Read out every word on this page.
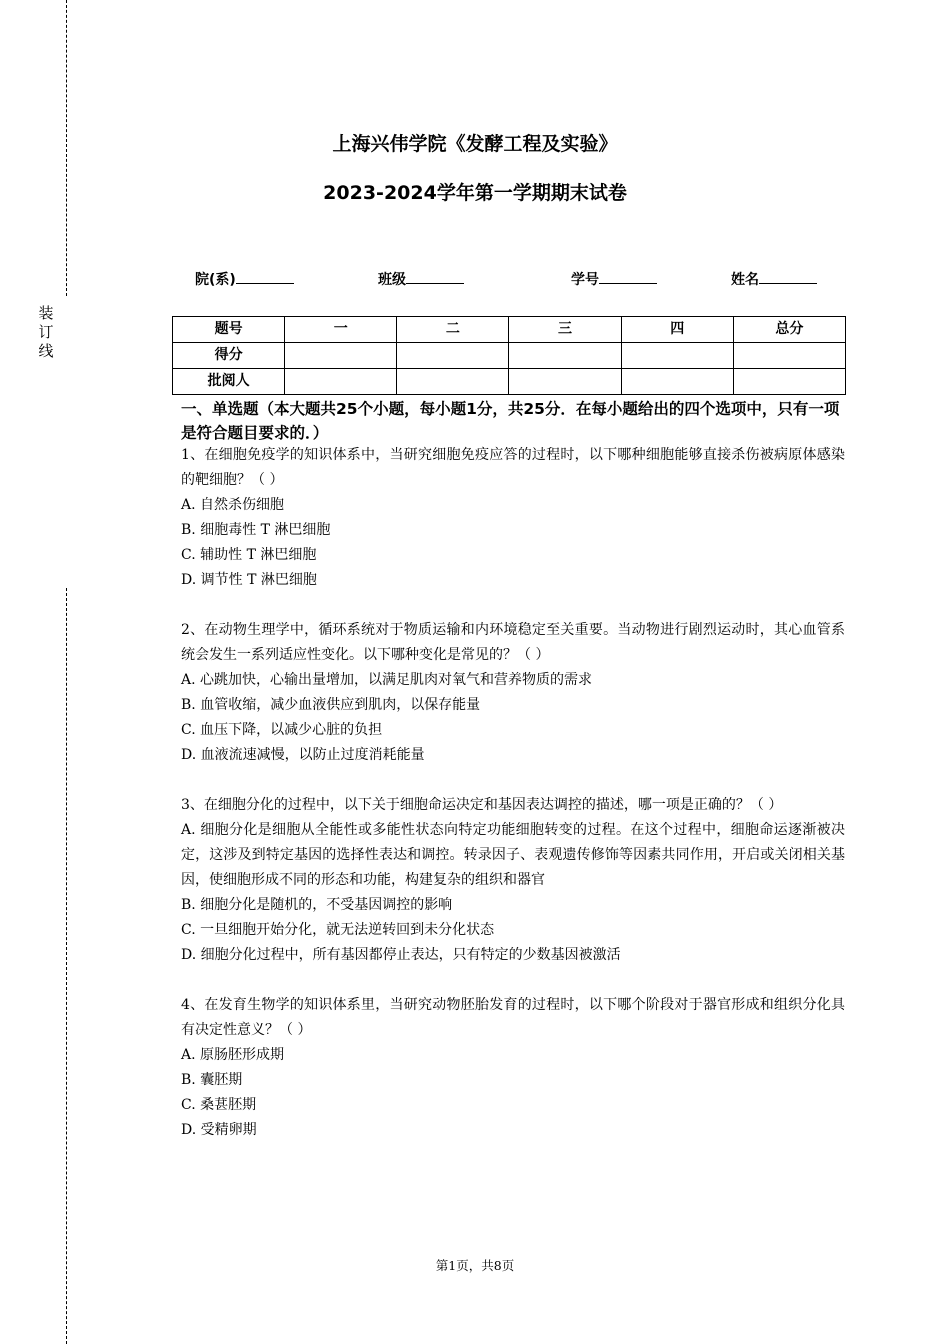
装
订
线
上海兴伟学院《发酵工程及实验》
2023-2024学年第一学期期末试卷
院(系)	班级	学号	姓名
题号	一	二	三	四	总分
得分					
批阅人					
一、单选题（本大题共25个小题，每小题1分，共25分．在每小题给出的四个选项中，只有一项是符合题目要求的．）
1、在细胞免疫学的知识体系中，当研究细胞免疫应答的过程时，以下哪种细胞能够直接杀伤被病原体感染的靶细胞？（ ）
A. 自然杀伤细胞
B. 细胞毒性 T 淋巴细胞
C. 辅助性 T 淋巴细胞
D. 调节性 T 淋巴细胞
2、在动物生理学中，循环系统对于物质运输和内环境稳定至关重要。当动物进行剧烈运动时，其心血管系统会发生一系列适应性变化。以下哪种变化是常见的？（ ）
A. 心跳加快，心输出量增加，以满足肌肉对氧气和营养物质的需求
B. 血管收缩，减少血液供应到肌肉，以保存能量
C. 血压下降，以减少心脏的负担
D. 血液流速减慢，以防止过度消耗能量
3、在细胞分化的过程中，以下关于细胞命运决定和基因表达调控的描述，哪一项是正确的？（ ）
A. 细胞分化是细胞从全能性或多能性状态向特定功能细胞转变的过程。在这个过程中，细胞命运逐渐被决定，这涉及到特定基因的选择性表达和调控。转录因子、表观遗传修饰等因素共同作用，开启或关闭相关基因，使细胞形成不同的形态和功能，构建复杂的组织和器官
B. 细胞分化是随机的，不受基因调控的影响
C. 一旦细胞开始分化，就无法逆转回到未分化状态
D. 细胞分化过程中，所有基因都停止表达，只有特定的少数基因被激活
4、在发育生物学的知识体系里，当研究动物胚胎发育的过程时，以下哪个阶段对于器官形成和组织分化具有决定性意义？（ ）
A. 原肠胚形成期
B. 囊胚期
C. 桑葚胚期
D. 受精卵期
第1页，共8页
